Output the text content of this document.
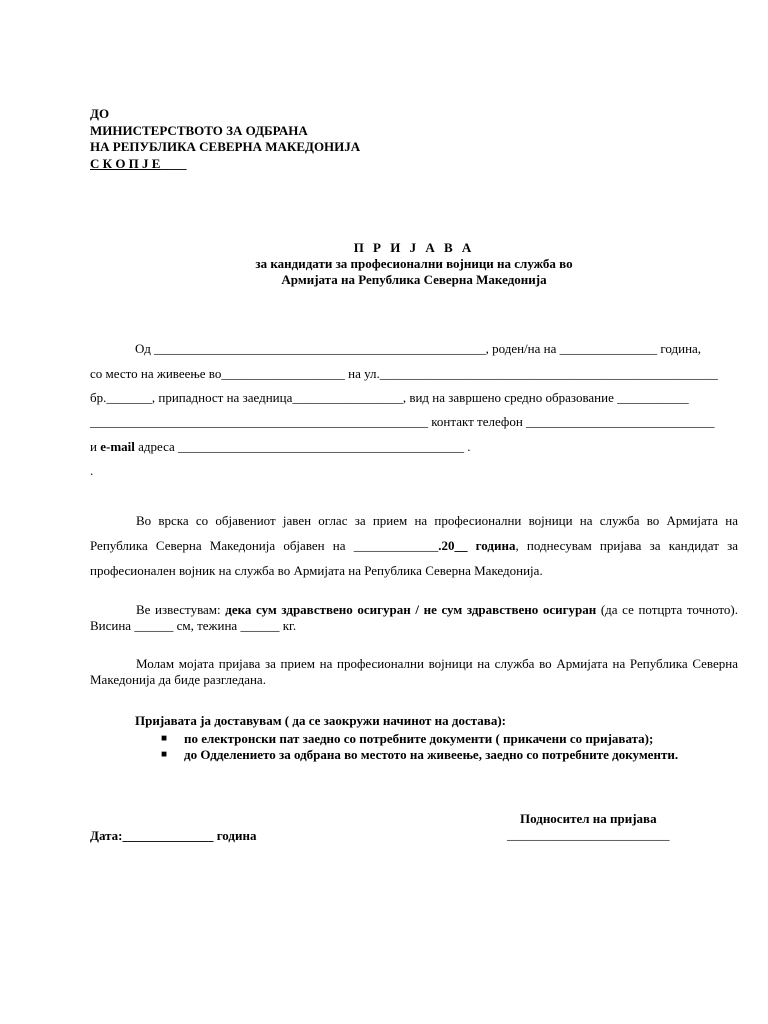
ДО
МИНИСТЕРСТВОТО ЗА ОДБРАНА
НА РЕПУБЛИКА СЕВЕРНА МАКЕДОНИЈА
С К О П Ј Е____
П Р И Ј А В А
за кандидати за професионални војници на служба во
Армијата на Република Северна Македонија
Од ___________________________________________________, роден/на на _______________ година,
со место на живеење во___________________ на ул.____________________________________________________
бр._______, припадност на заедница_________________, вид на завршено средно образование ___________
____________________________________________________ контакт телефон _____________________________
и e-mail адреса ____________________________________________ .
.

Во врска со објавениот јавен оглас за прием на професионални војници на служба во Армијата на Република Северна Македонија објавен на _____________.20__ година, поднесувам пријава за кандидат за професионален војник на служба во Армијата на Република Северна Македонија.

Ве известувам: дека сум здравствено осигуран / не сум здравствено осигуран (да се потцрта точното). Висина ______ см, тежина ______ кг.

Молам мојата пријава за прием на професионални војници на служба во Армијата на Република Северна Македонија да биде разгледана.

Пријавата ја доставувам ( да се заокружи начинот на достава):
■ по електронски пат заедно со потребните документи ( прикачени со пријавата);
■ до Одделението за одбрана во местото на живеење, заедно со потребните документи.
Подносител на пријава
_________________________
Дата:______________ година
